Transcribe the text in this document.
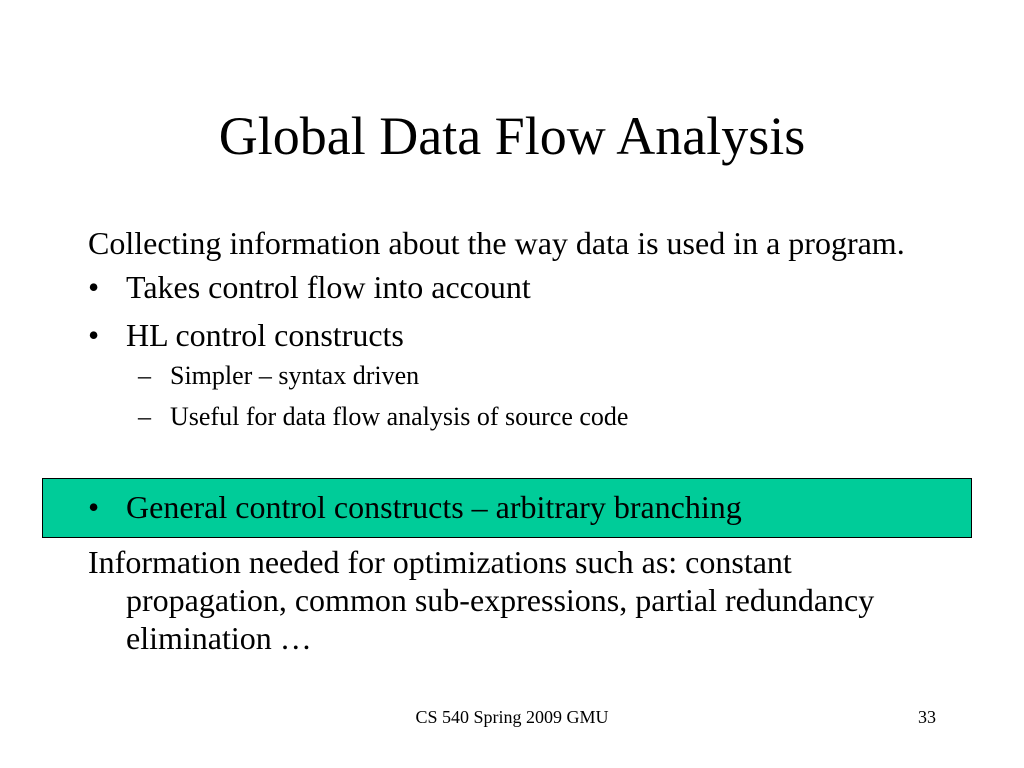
Global Data Flow Analysis

Collecting information about the way data is used in a program.

• Takes control flow into account

• HL control constructs

– Simpler – syntax driven

– Useful for data flow analysis of source code

• General control constructs – arbitrary branching

Information needed for optimizations such as: constant propagation, common sub-expressions, partial redundancy elimination …

CS 540 Spring 2009 GMU	33
